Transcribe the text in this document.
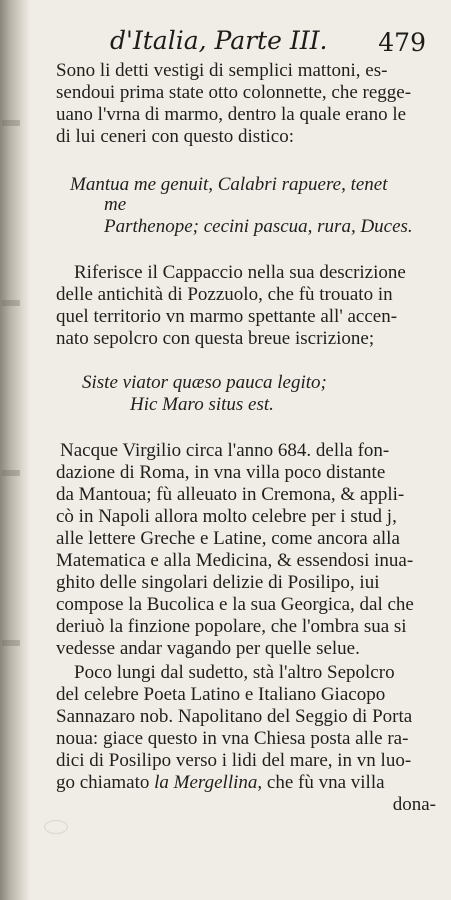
d'Italia, Parte III. 479
Sono li detti vestigi di semplici mattoni, es-
sendoui prima state otto colonnette, che regge-
uano l'vrna di marmo, dentro la quale erano le
di lui ceneri con questo distico:
Mantua me genuit, Calabri rapuere, tenet
me
Parthenope; cecini pascua, rura, Duces.
Riferisce il Cappaccio nella sua descrizione
delle antichità di Pozzuolo, che fù trouato in
quel territorio vn marmo spettante all' accen-
nato sepolcro con questa breue iscrizione;
Siste viator quæso pauca legito;
Hic Maro situs est.
Nacque Virgilio circa l'anno 684. della fon-
dazione di Roma, in vna villa poco distante
da Mantoua; fù alleuato in Cremona, & appli-
cò in Napoli allora molto celebre per i stud j,
alle lettere Greche e Latine, come ancora alla
Matematica e alla Medicina, & essendosi inua-
ghito delle singolari delizie di Posilipo, iui
compose la Bucolica e la sua Georgica, dal che
deriuò la finzione popolare, che l'ombra sua si
vedesse andar vagando per quelle selue.
Poco lungi dal sudetto, stà l'altro Sepolcro
del celebre Poeta Latino e Italiano Giacopo
Sannazaro nob. Napolitano del Seggio di Porta
noua: giace questo in vna Chiesa posta alle ra-
dici di Posilipo verso i lidi del mare, in vn luo-
go chiamato la Mergellina, che fù vna villa
dona-
